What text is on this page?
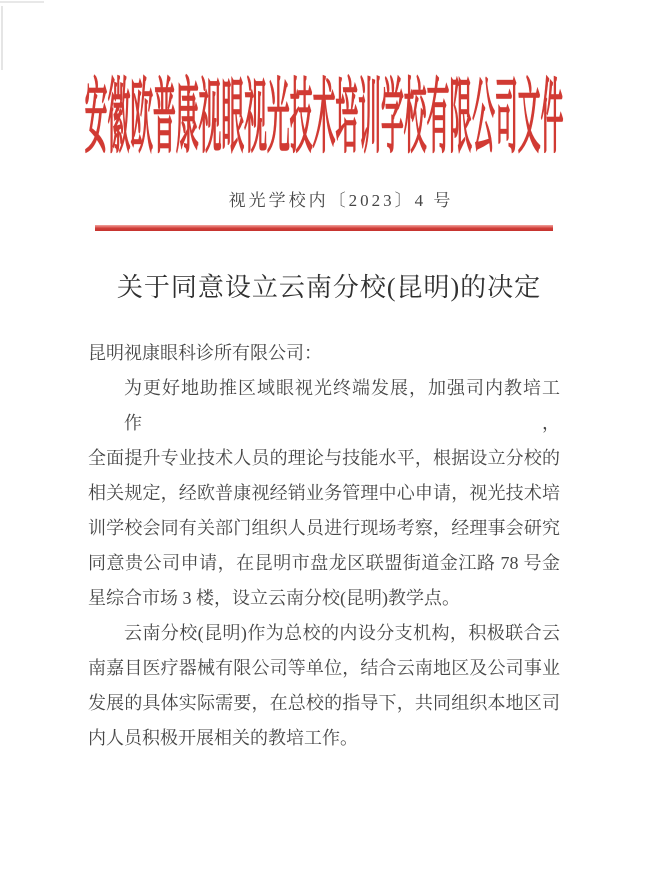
安徽欧普康视眼视光技术培训学校有限公司文件
视光学校内〔2023〕4 号
关于同意设立云南分校(昆明)的决定
昆明视康眼科诊所有限公司：
为更好地助推区域眼视光终端发展，加强司内教培工作，
全面提升专业技术人员的理论与技能水平，根据设立分校的
相关规定，经欧普康视经销业务管理中心申请，视光技术培
训学校会同有关部门组织人员进行现场考察，经理事会研究
同意贵公司申请，在昆明市盘龙区联盟街道金江路 78 号金
星综合市场 3 楼，设立云南分校(昆明)教学点。
云南分校(昆明)作为总校的内设分支机构，积极联合云
南嘉目医疗器械有限公司等单位，结合云南地区及公司事业
发展的具体实际需要，在总校的指导下，共同组织本地区司
内人员积极开展相关的教培工作。
